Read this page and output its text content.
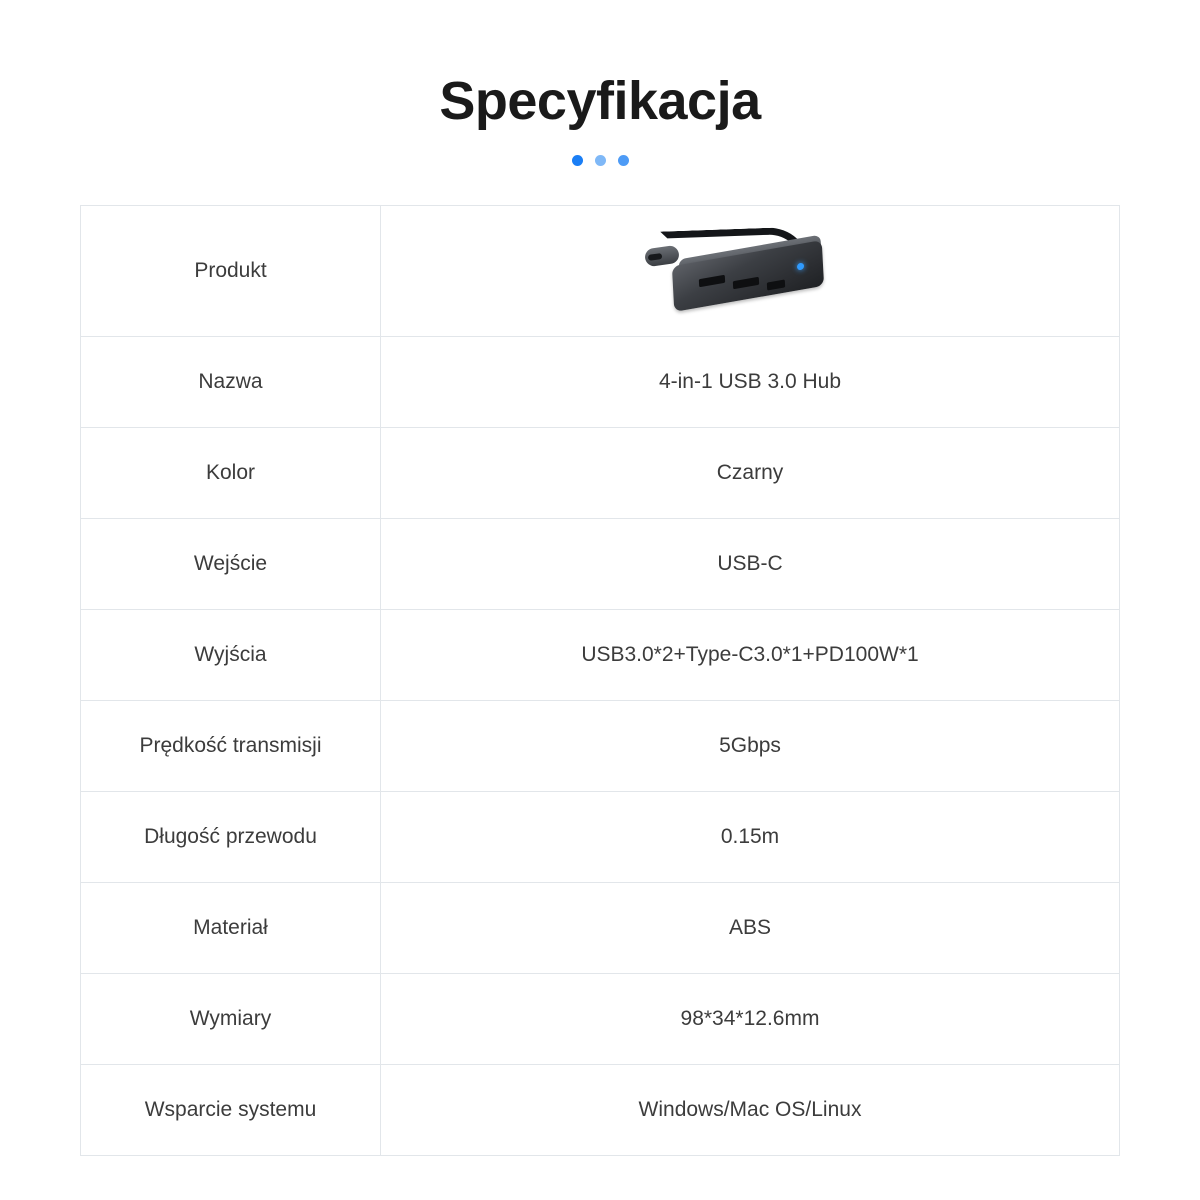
Specyfikacja
Produkt
Nazwa	4-in-1 USB 3.0 Hub
Kolor	Czarny
Wejście	USB-C
Wyjścia	USB3.0*2+Type-C3.0*1+PD100W*1
Prędkość transmisji	5Gbps
Długość przewodu	0.15m
Materiał	ABS
Wymiary	98*34*12.6mm
Wsparcie systemu	Windows/Mac OS/Linux
